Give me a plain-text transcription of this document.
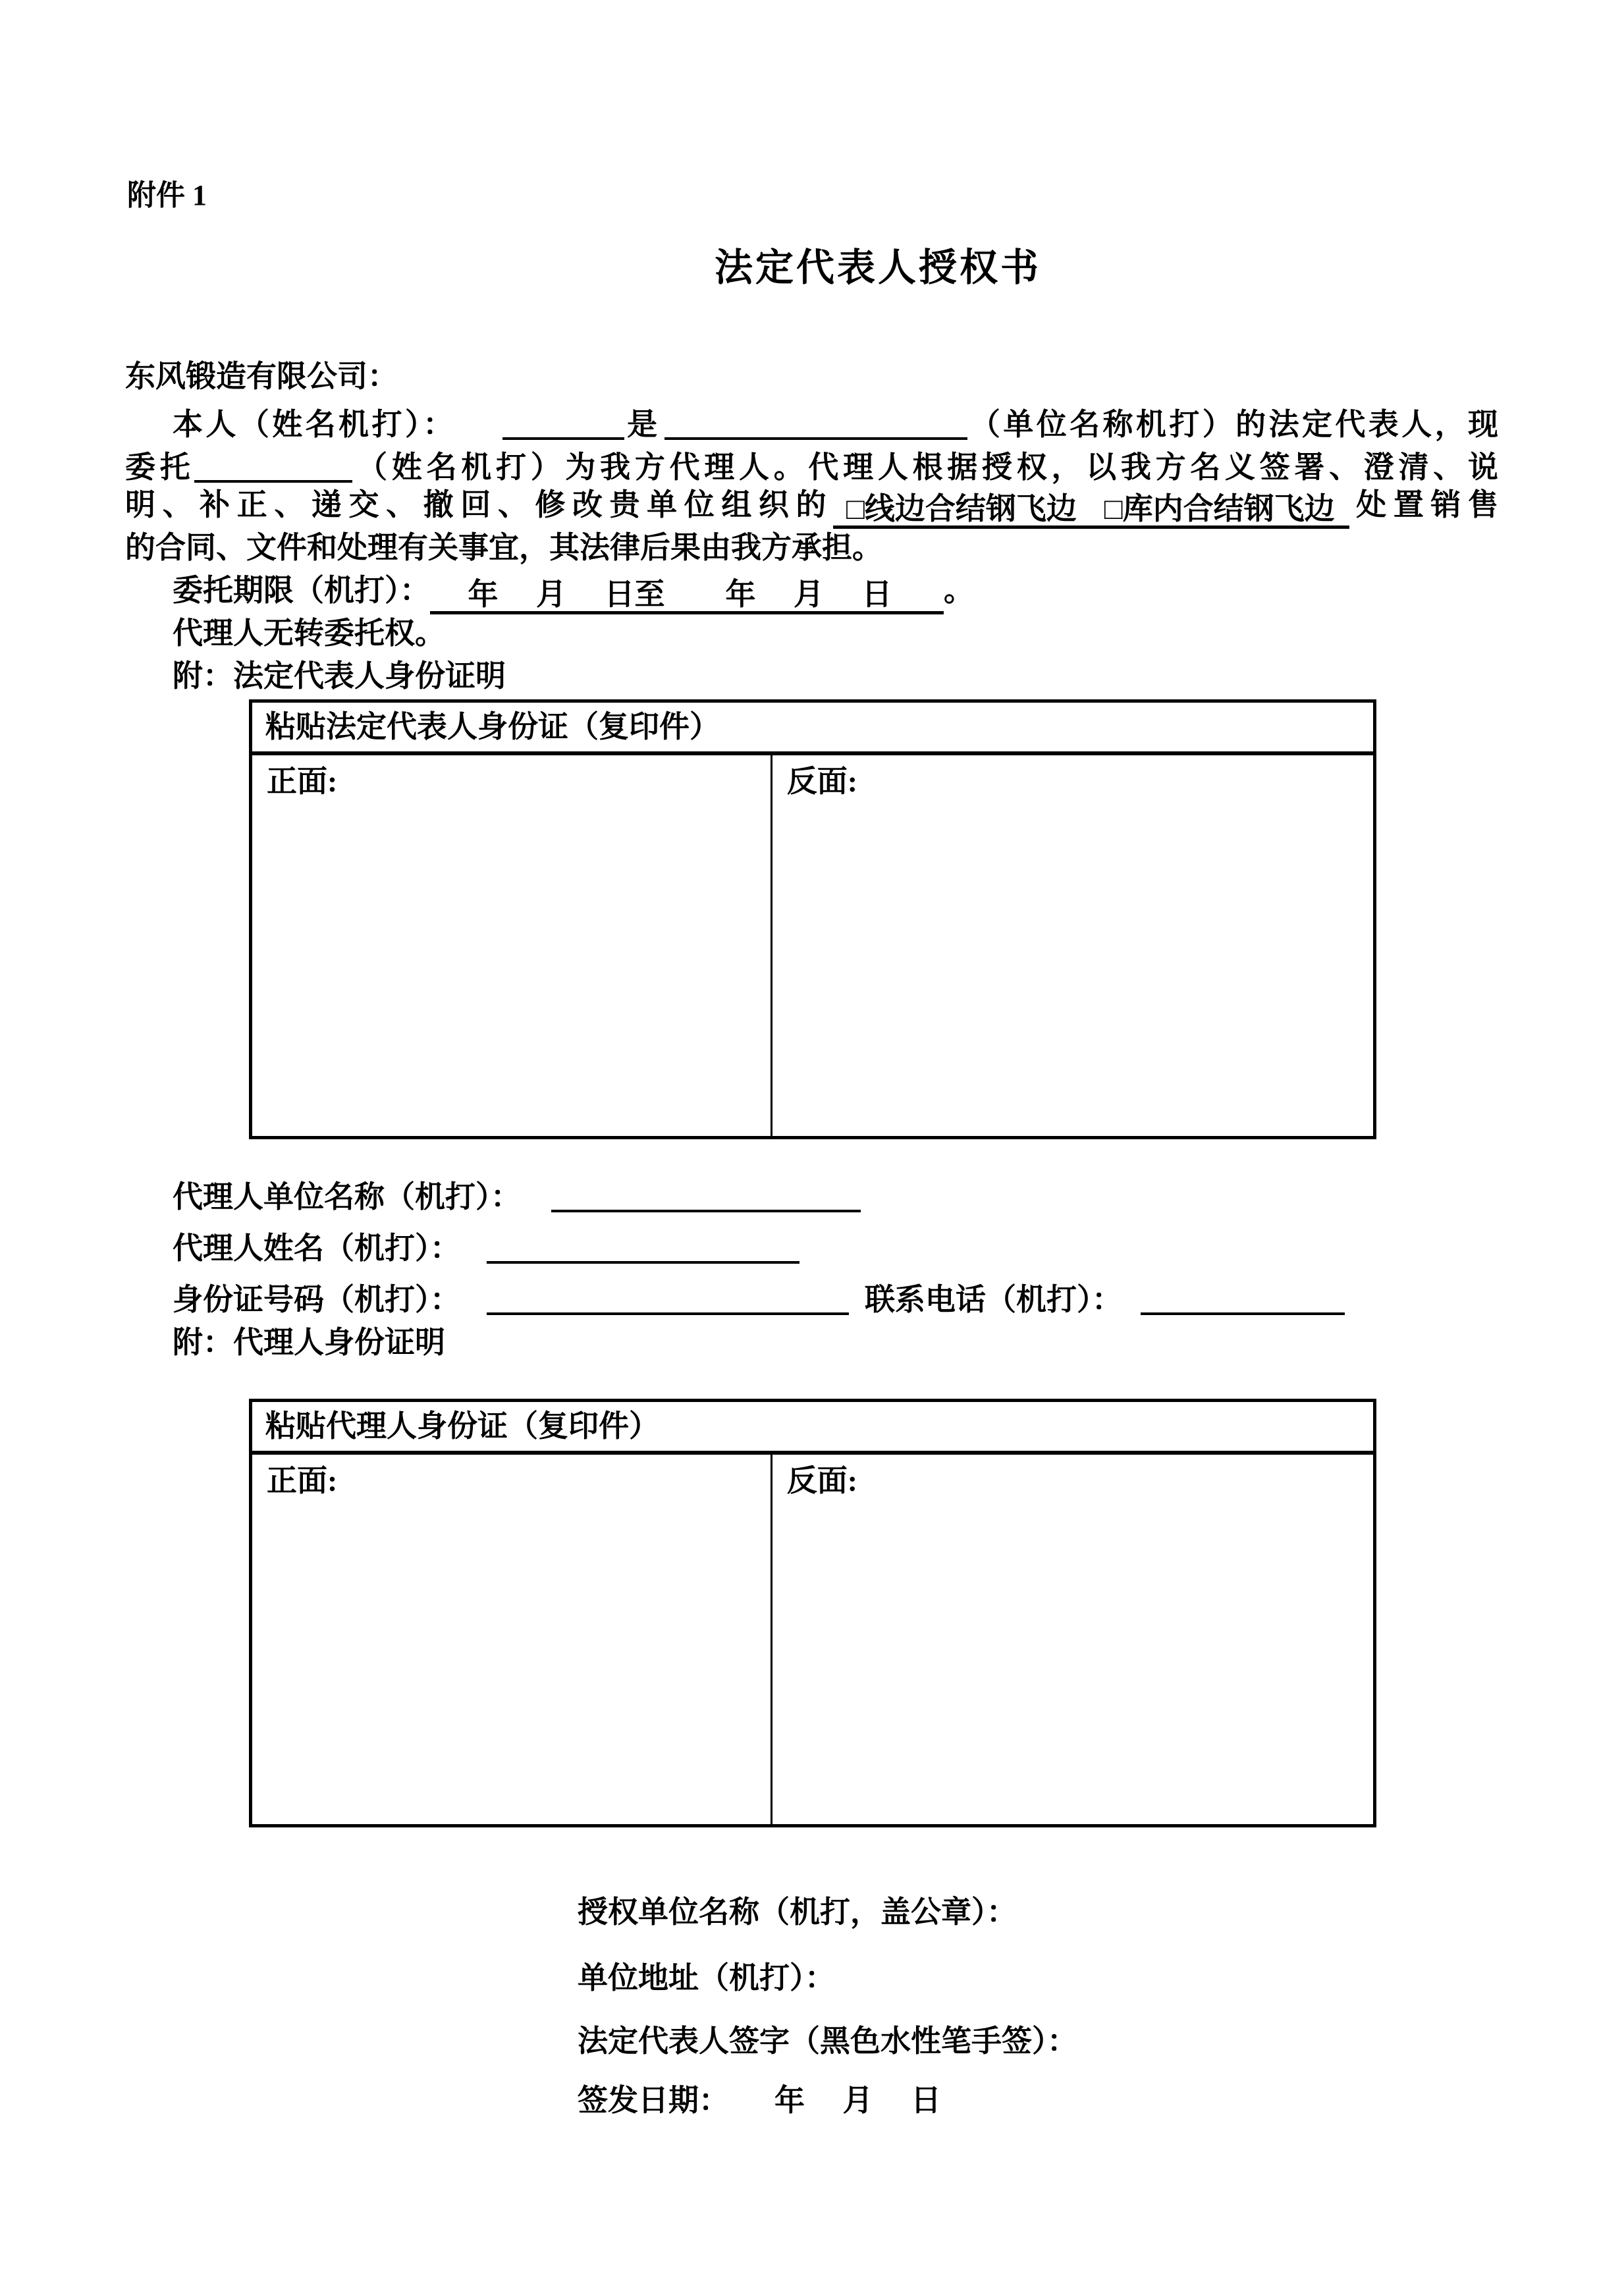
附件 1
法定代表人授权书
东风锻造有限公司：
本人（姓名机打）：	是	（单位名称机打）的法定代表人，现
委托	（姓名机打）为我方代理人。代理人根据授权，以我方名义签署、澄清、说
明、补正、递交、撤回、修改贵单位组织的 □线边合结钢飞边 □库内合结钢飞边 处置销售
的合同、文件和处理有关事宜，其法律后果由我方承担。
委托期限（机打）：　 年　 月　 日至　　年　 月　 日 。
代理人无转委托权。
附：法定代表人身份证明
粘贴法定代表人身份证（复印件）
正面:	反面:
代理人单位名称（机打）：
代理人姓名（机打）：
身份证号码（机打）：	联系电话（机打）：
附：代理人身份证明
粘贴代理人身份证（复印件）
正面:	反面:
授权单位名称（机打，盖公章）：
单位地址（机打）：
法定代表人签字（黑色水性笔手签）：
签发日期：　　年　 月　 日
